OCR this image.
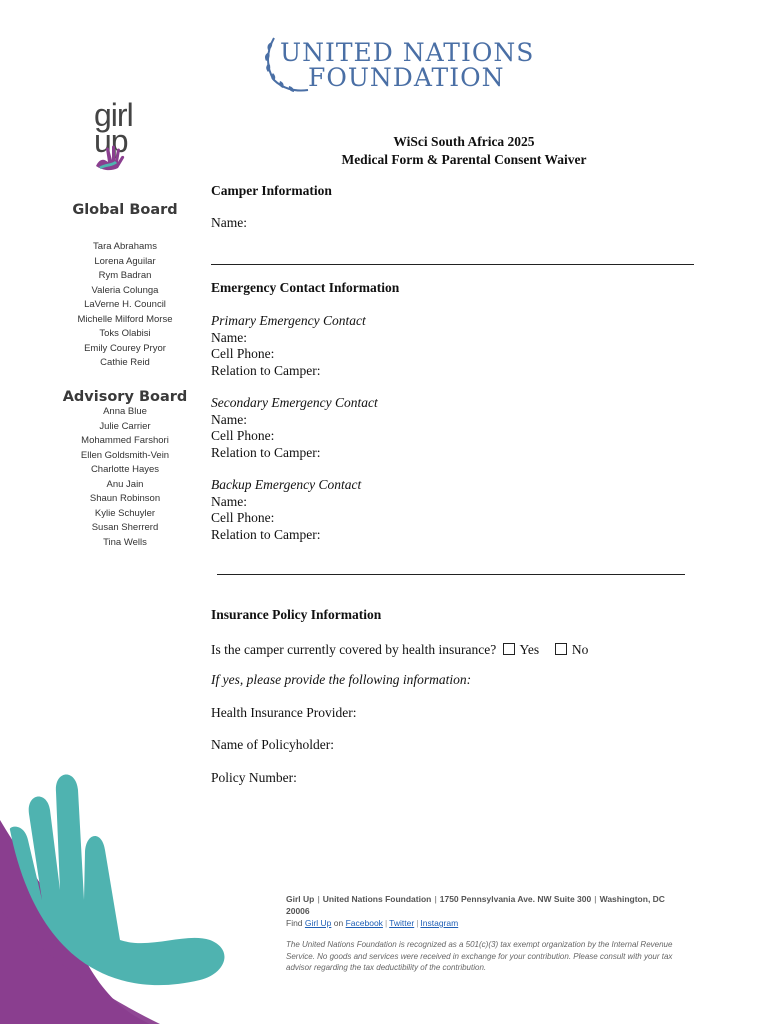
UNITED NATIONS
FOUNDATION
girl up
Global Board
Tara Abrahams
Lorena Aguilar
Rym Badran
Valeria Colunga
LaVerne H. Council
Michelle Milford Morse
Toks Olabisi
Emily Courey Pryor
Cathie Reid
Advisory Board
Anna Blue
Julie Carrier
Mohammed Farshori
Ellen Goldsmith-Vein
Charlotte Hayes
Anu Jain
Shaun Robinson
Kylie Schuyler
Susan Sherrerd
Tina Wells
WiSci South Africa 2025
Medical Form & Parental Consent Waiver
Camper Information
Name:
Emergency Contact Information
Primary Emergency Contact
Name:
Cell Phone:
Relation to Camper:
Secondary Emergency Contact
Name:
Cell Phone:
Relation to Camper:
Backup Emergency Contact
Name:
Cell Phone:
Relation to Camper:
Insurance Policy Information
Is the camper currently covered by health insurance? Yes No
If yes, please provide the following information:
Health Insurance Provider:
Name of Policyholder:
Policy Number:
Girl Up | United Nations Foundation | 1750 Pennsylvania Ave. NW Suite 300 | Washington, DC 20006
Find Girl Up on Facebook | Twitter | Instagram
The United Nations Foundation is recognized as a 501(c)(3) tax exempt organization by the Internal Revenue Service. No goods and services were received in exchange for your contribution. Please consult with your tax advisor regarding the tax deductibility of the contribution.
